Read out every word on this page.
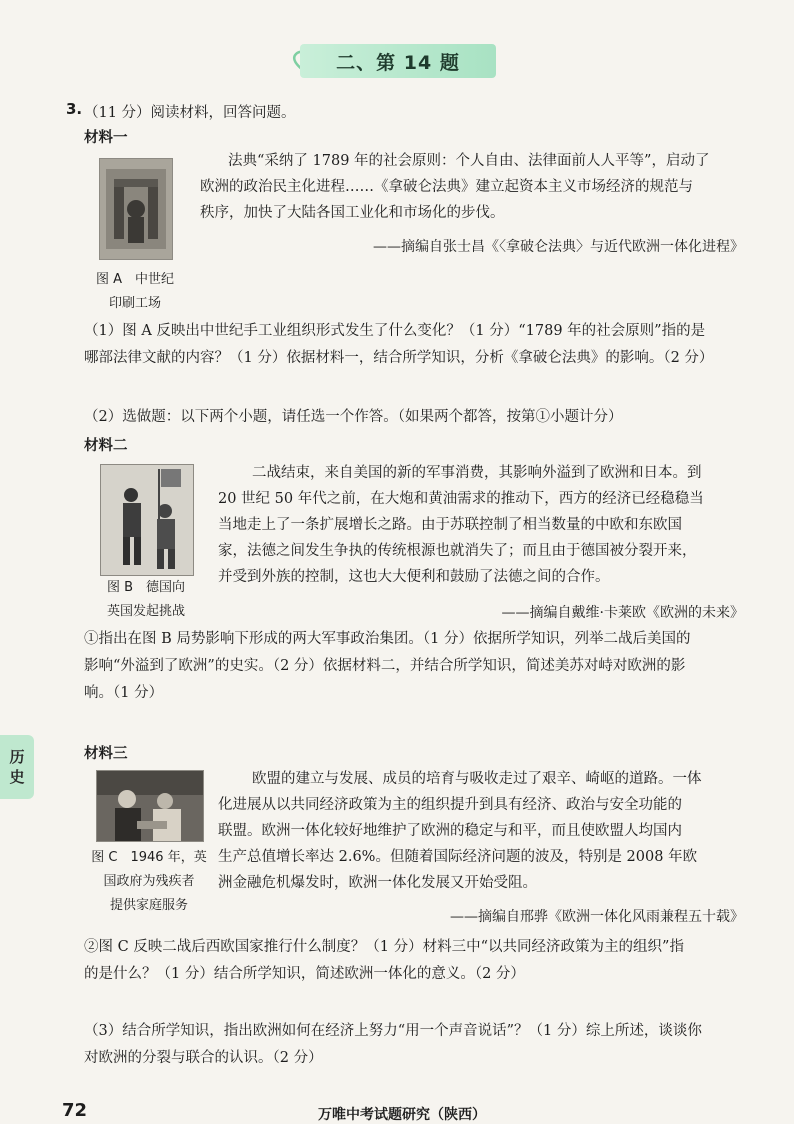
二、第 14 题
3. （11 分）阅读材料，回答问题。
材料一
法典“采纳了 1789 年的社会原则：个人自由、法律面前人人平等”，启动了
欧洲的政治民主化进程……《拿破仑法典》建立起资本主义市场经济的规范与
秩序，加快了大陆各国工业化和市场化的步伐。
——摘编自张士昌《〈拿破仑法典〉与近代欧洲一体化进程》
图 A　中世纪
印刷工场
（1）图 A 反映出中世纪手工业组织形式发生了什么变化？（1 分）“1789 年的社会原则”指的是
哪部法律文献的内容？（1 分）依据材料一，结合所学知识，分析《拿破仑法典》的影响。（2 分）
（2）选做题：以下两个小题，请任选一个作答。（如果两个都答，按第①小题计分）
材料二
二战结束，来自美国的新的军事消费，其影响外溢到了欧洲和日本。到
20 世纪 50 年代之前，在大炮和黄油需求的推动下，西方的经济已经稳稳当
当地走上了一条扩展增长之路。由于苏联控制了相当数量的中欧和东欧国
家，法德之间发生争执的传统根源也就消失了；而且由于德国被分裂开来，
并受到外族的控制，这也大大便利和鼓励了法德之间的合作。
图 B　德国向
英国发起挑战	——摘编自戴维·卡莱欧《欧洲的未来》
①指出在图 B 局势影响下形成的两大军事政治集团。（1 分）依据所学知识，列举二战后美国的
影响“外溢到了欧洲”的史实。（2 分）依据材料二，并结合所学知识，简述美苏对峙对欧洲的影
响。（1 分）
历
史
材料三
欧盟的建立与发展、成员的培育与吸收走过了艰辛、崎岖的道路。一体
化进展从以共同经济政策为主的组织提升到具有经济、政治与安全功能的
联盟。欧洲一体化较好地维护了欧洲的稳定与和平，而且使欧盟人均国内
生产总值增长率达 2.6%。但随着国际经济问题的波及，特别是 2008 年欧
洲金融危机爆发时，欧洲一体化发展又开始受阻。
图 C　1946 年，英
国政府为残疾者
提供家庭服务
——摘编自邢骅《欧洲一体化风雨兼程五十载》
②图 C 反映二战后西欧国家推行什么制度？（1 分）材料三中“以共同经济政策为主的组织”指
的是什么？（1 分）结合所学知识，简述欧洲一体化的意义。（2 分）
（3）结合所学知识，指出欧洲如何在经济上努力“用一个声音说话”？（1 分）综上所述，谈谈你
对欧洲的分裂与联合的认识。（2 分）
72	万唯中考试题研究（陕西）
